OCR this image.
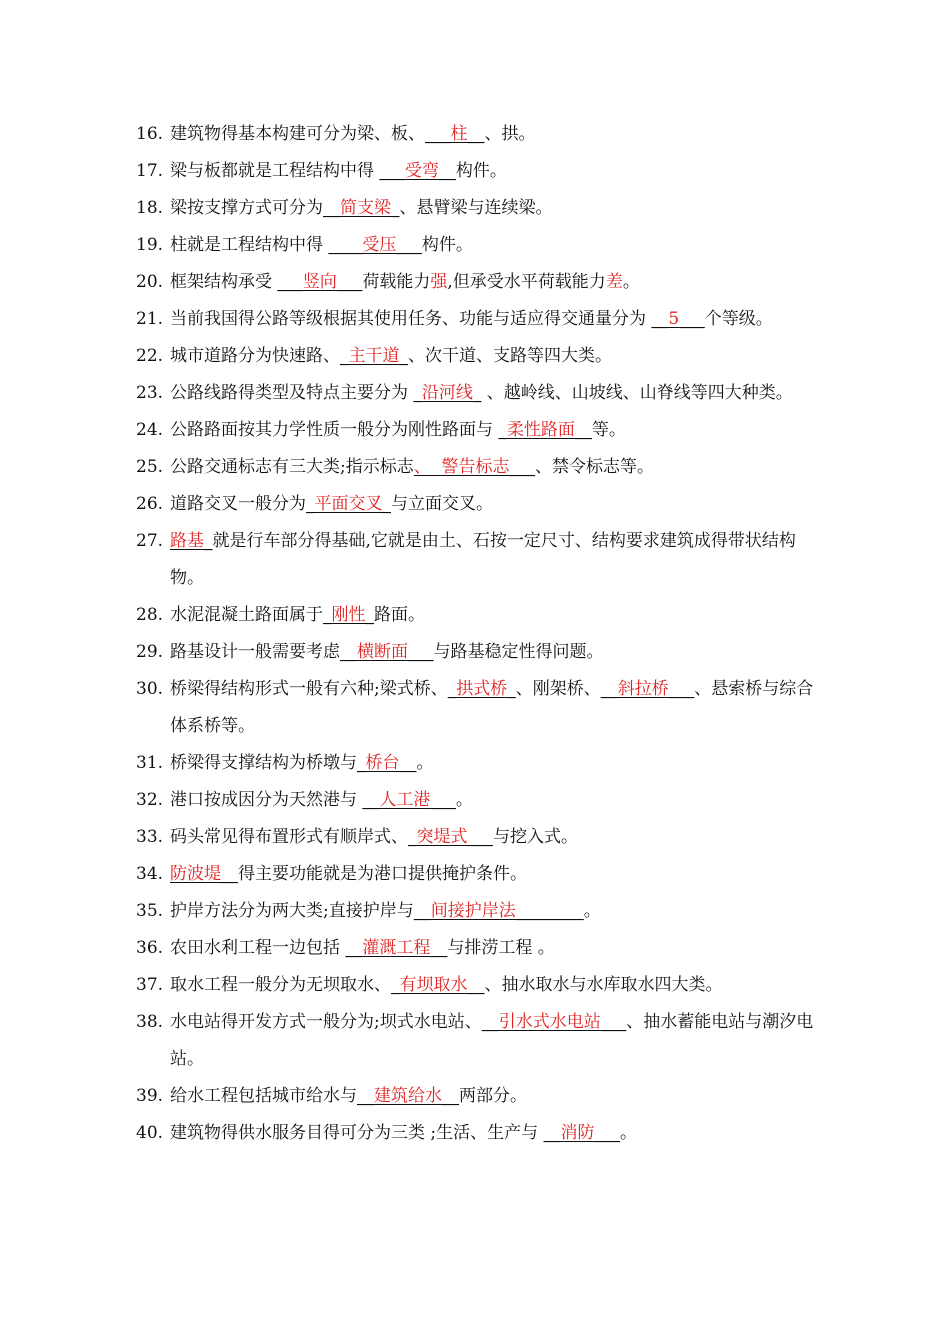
16. 建筑物得基本构建可分为梁、板、___柱__、拱。
17. 梁与板都就是工程结构中得 ___受弯__构件。
18. 梁按支撑方式可分为__简支梁_、悬臂梁与连续梁。
19. 柱就是工程结构中得 ____受压___构件。
20. 框架结构承受 ___竖向___荷载能力强,但承受水平荷载能力差。
21. 当前我国得公路等级根据其使用任务、功能与适应得交通量分为 __5___个等级。
22. 城市道路分为快速路、_主干道_、次干道、支路等四大类。
23. 公路线路得类型及特点主要分为 _沿河线_ 、越岭线、山坡线、山脊线等四大种类。
24. 公路路面按其力学性质一般分为刚性路面与 _柔性路面__等。
25. 公路交通标志有三大类;指示标志、  警告标志___、禁令标志等。
26. 道路交叉一般分为_平面交叉_与立面交叉。
27. 路基_就是行车部分得基础,它就是由土、石按一定尺寸、结构要求建筑成得带状结构物。
28. 水泥混凝土路面属于_刚性_路面。
29. 路基设计一般需要考虑__横断面___与路基稳定性得问题。
30. 桥梁得结构形式一般有六种;梁式桥、_拱式桥_、刚架桥、__斜拉桥___、悬索桥与综合体系桥等。
31. 桥梁得支撑结构为桥墩与_桥台__。
32. 港口按成因分为天然港与 __人工港___。
33. 码头常见得布置形式有顺岸式、_突堤式___与挖入式。
34. 防波堤__得主要功能就是为港口提供掩护条件。
35. 护岸方法分为两大类;直接护岸与__间接护岸法________。
36. 农田水利工程一边包括 __灌溉工程__与排涝工程 。
37. 取水工程一般分为无坝取水、_有坝取水__、抽水取水与水库取水四大类。
38. 水电站得开发方式一般分为;坝式水电站、__引水式水电站___、抽水蓄能电站与潮汐电站。
39. 给水工程包括城市给水与__建筑给水__两部分。
40. 建筑物得供水服务目得可分为三类 ;生活、生产与 __消防___。
